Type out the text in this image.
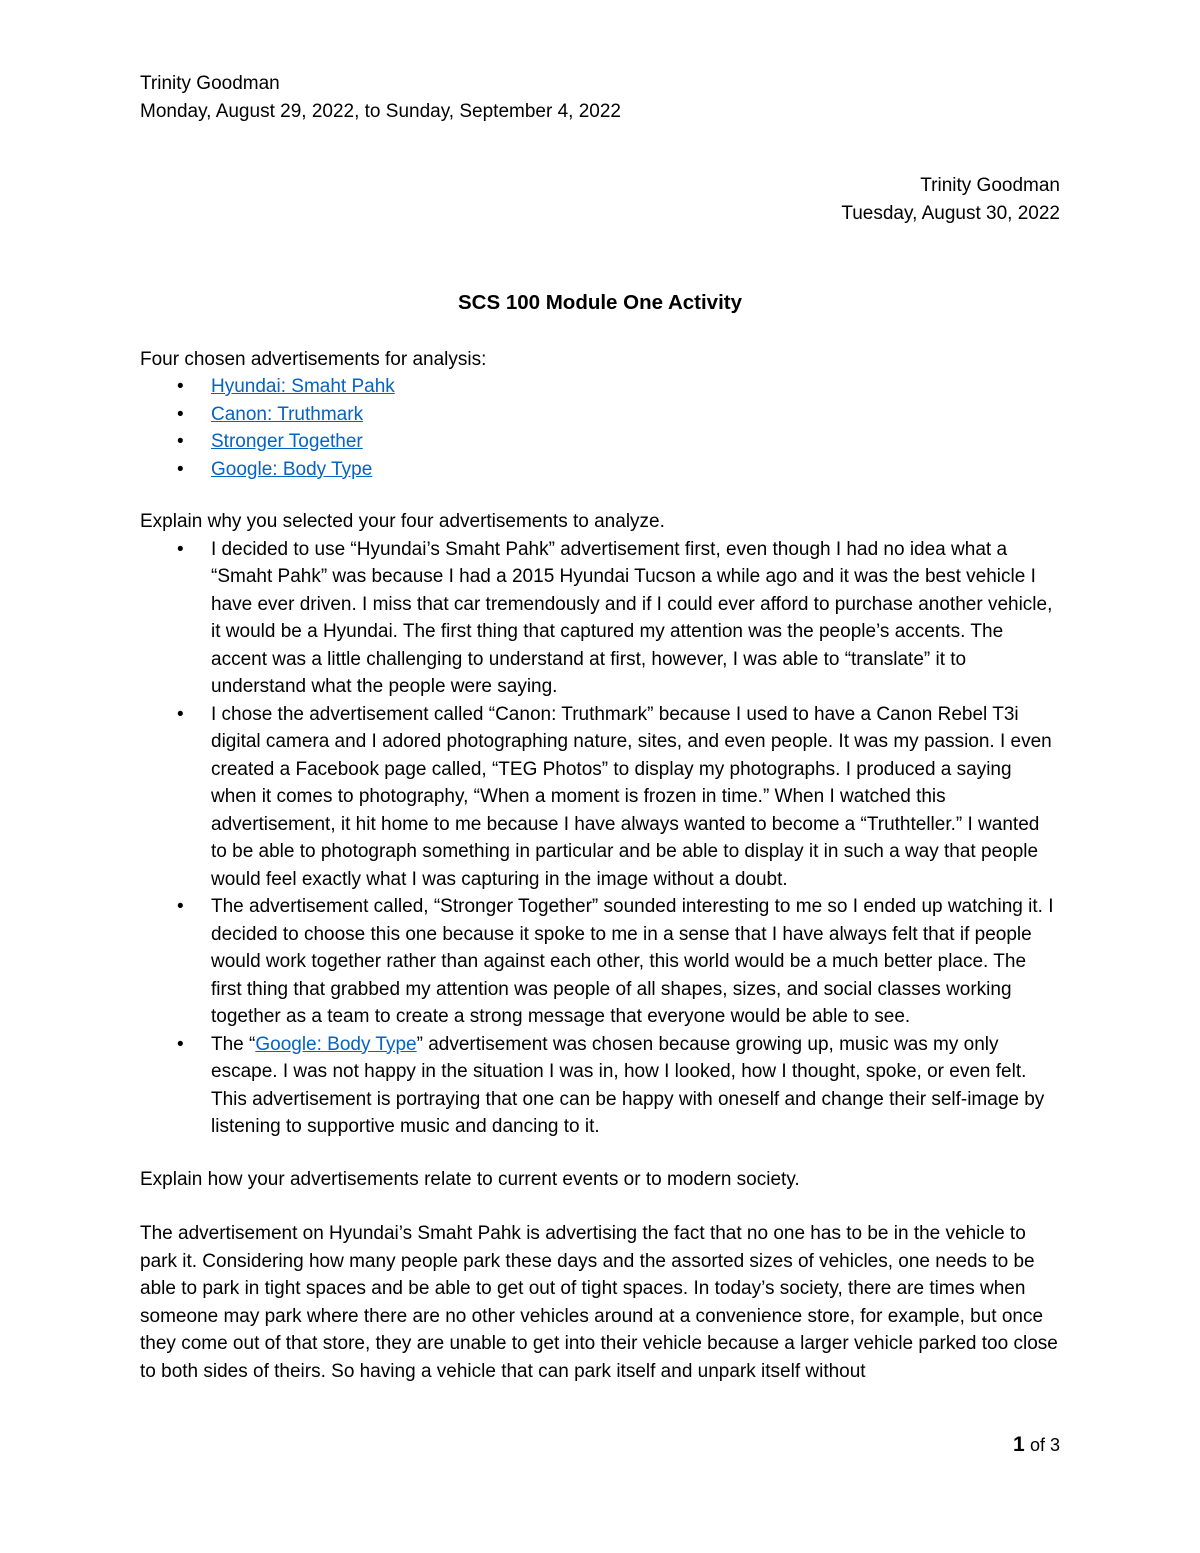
Trinity Goodman
Monday, August 29, 2022, to Sunday, September 4, 2022
Trinity Goodman
Tuesday, August 30, 2022
SCS 100 Module One Activity

Four chosen advertisements for analysis:

• Hyundai: Smaht Pahk
• Canon: Truthmark
• Stronger Together
• Google: Body Type

Explain why you selected your four advertisements to analyze.

• I decided to use “Hyundai’s Smaht Pahk” advertisement first, even though I had no idea what a “Smaht Pahk” was because I had a 2015 Hyundai Tucson a while ago and it was the best vehicle I have ever driven. I miss that car tremendously and if I could ever afford to purchase another vehicle, it would be a Hyundai. The first thing that captured my attention was the people’s accents. The accent was a little challenging to understand at first, however, I was able to “translate” it to understand what the people were saying.
• I chose the advertisement called “Canon: Truthmark” because I used to have a Canon Rebel T3i digital camera and I adored photographing nature, sites, and even people. It was my passion. I even created a Facebook page called, “TEG Photos” to display my photographs. I produced a saying when it comes to photography, “When a moment is frozen in time.” When I watched this advertisement, it hit home to me because I have always wanted to become a “Truthteller.” I wanted to be able to photograph something in particular and be able to display it in such a way that people would feel exactly what I was capturing in the image without a doubt.
• The advertisement called, “Stronger Together” sounded interesting to me so I ended up watching it. I decided to choose this one because it spoke to me in a sense that I have always felt that if people would work together rather than against each other, this world would be a much better place. The first thing that grabbed my attention was people of all shapes, sizes, and social classes working together as a team to create a strong message that everyone would be able to see.
• The “Google: Body Type” advertisement was chosen because growing up, music was my only escape. I was not happy in the situation I was in, how I looked, how I thought, spoke, or even felt. This advertisement is portraying that one can be happy with oneself and change their self-image by listening to supportive music and dancing to it.

Explain how your advertisements relate to current events or to modern society.

The advertisement on Hyundai’s Smaht Pahk is advertising the fact that no one has to be in the vehicle to park it. Considering how many people park these days and the assorted sizes of vehicles, one needs to be able to park in tight spaces and be able to get out of tight spaces. In today’s society, there are times when someone may park where there are no other vehicles around at a convenience store, for example, but once they come out of that store, they are unable to get into their vehicle because a larger vehicle parked too close to both sides of theirs. So having a vehicle that can park itself and unpark itself without

1 of 3
